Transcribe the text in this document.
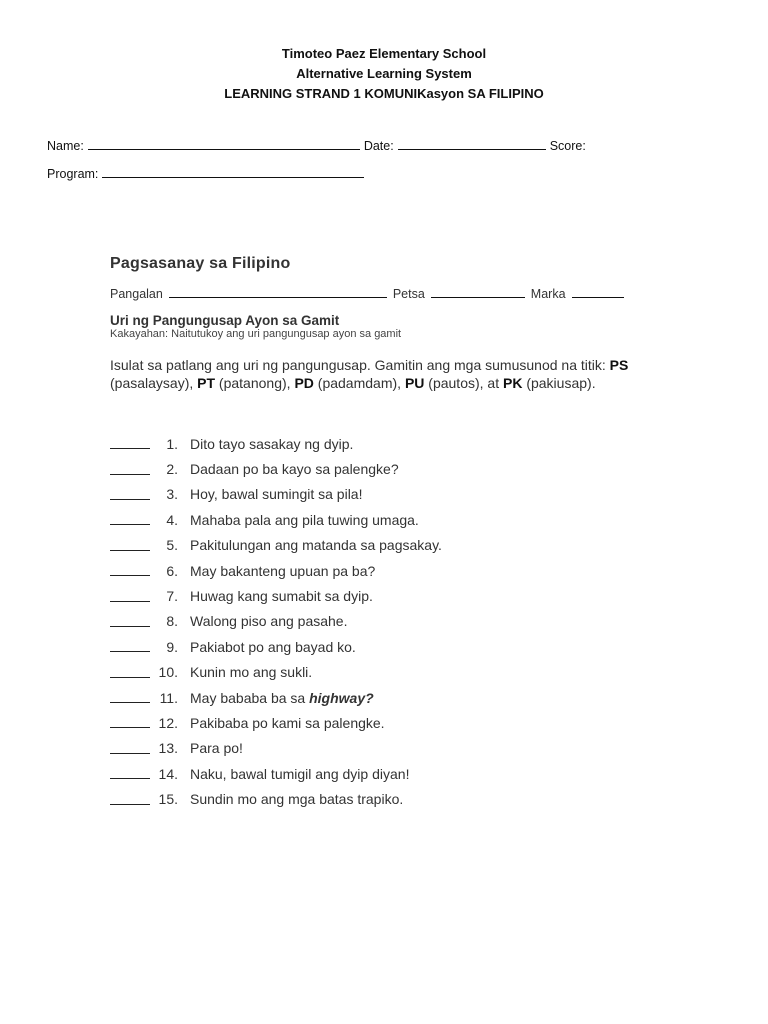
Timoteo Paez Elementary School
Alternative Learning System
LEARNING STRAND 1 KOMUNIKasyon SA FILIPINO
Name:	Date:	Score:
Program:
Pagsasanay sa Filipino
Pangalan	Petsa	Marka
Uri ng Pangungusap Ayon sa Gamit
Kakayahan: Naitutukoy ang uri pangungusap ayon sa gamit
Isulat sa patlang ang uri ng pangungusap. Gamitin ang mga sumusunod na titik: PS (pasalaysay), PT (patanong), PD (padamdam), PU (pautos), at PK (pakiusap).
1. Dito tayo sasakay ng dyip.
2. Dadaan po ba kayo sa palengke?
3. Hoy, bawal sumingit sa pila!
4. Mahaba pala ang pila tuwing umaga.
5. Pakitulungan ang matanda sa pagsakay.
6. May bakanteng upuan pa ba?
7. Huwag kang sumabit sa dyip.
8. Walong piso ang pasahe.
9. Pakiabot po ang bayad ko.
10. Kunin mo ang sukli.
11. May bababa ba sa highway?
12. Pakibaba po kami sa palengke.
13. Para po!
14. Naku, bawal tumigil ang dyip diyan!
15. Sundin mo ang mga batas trapiko.
